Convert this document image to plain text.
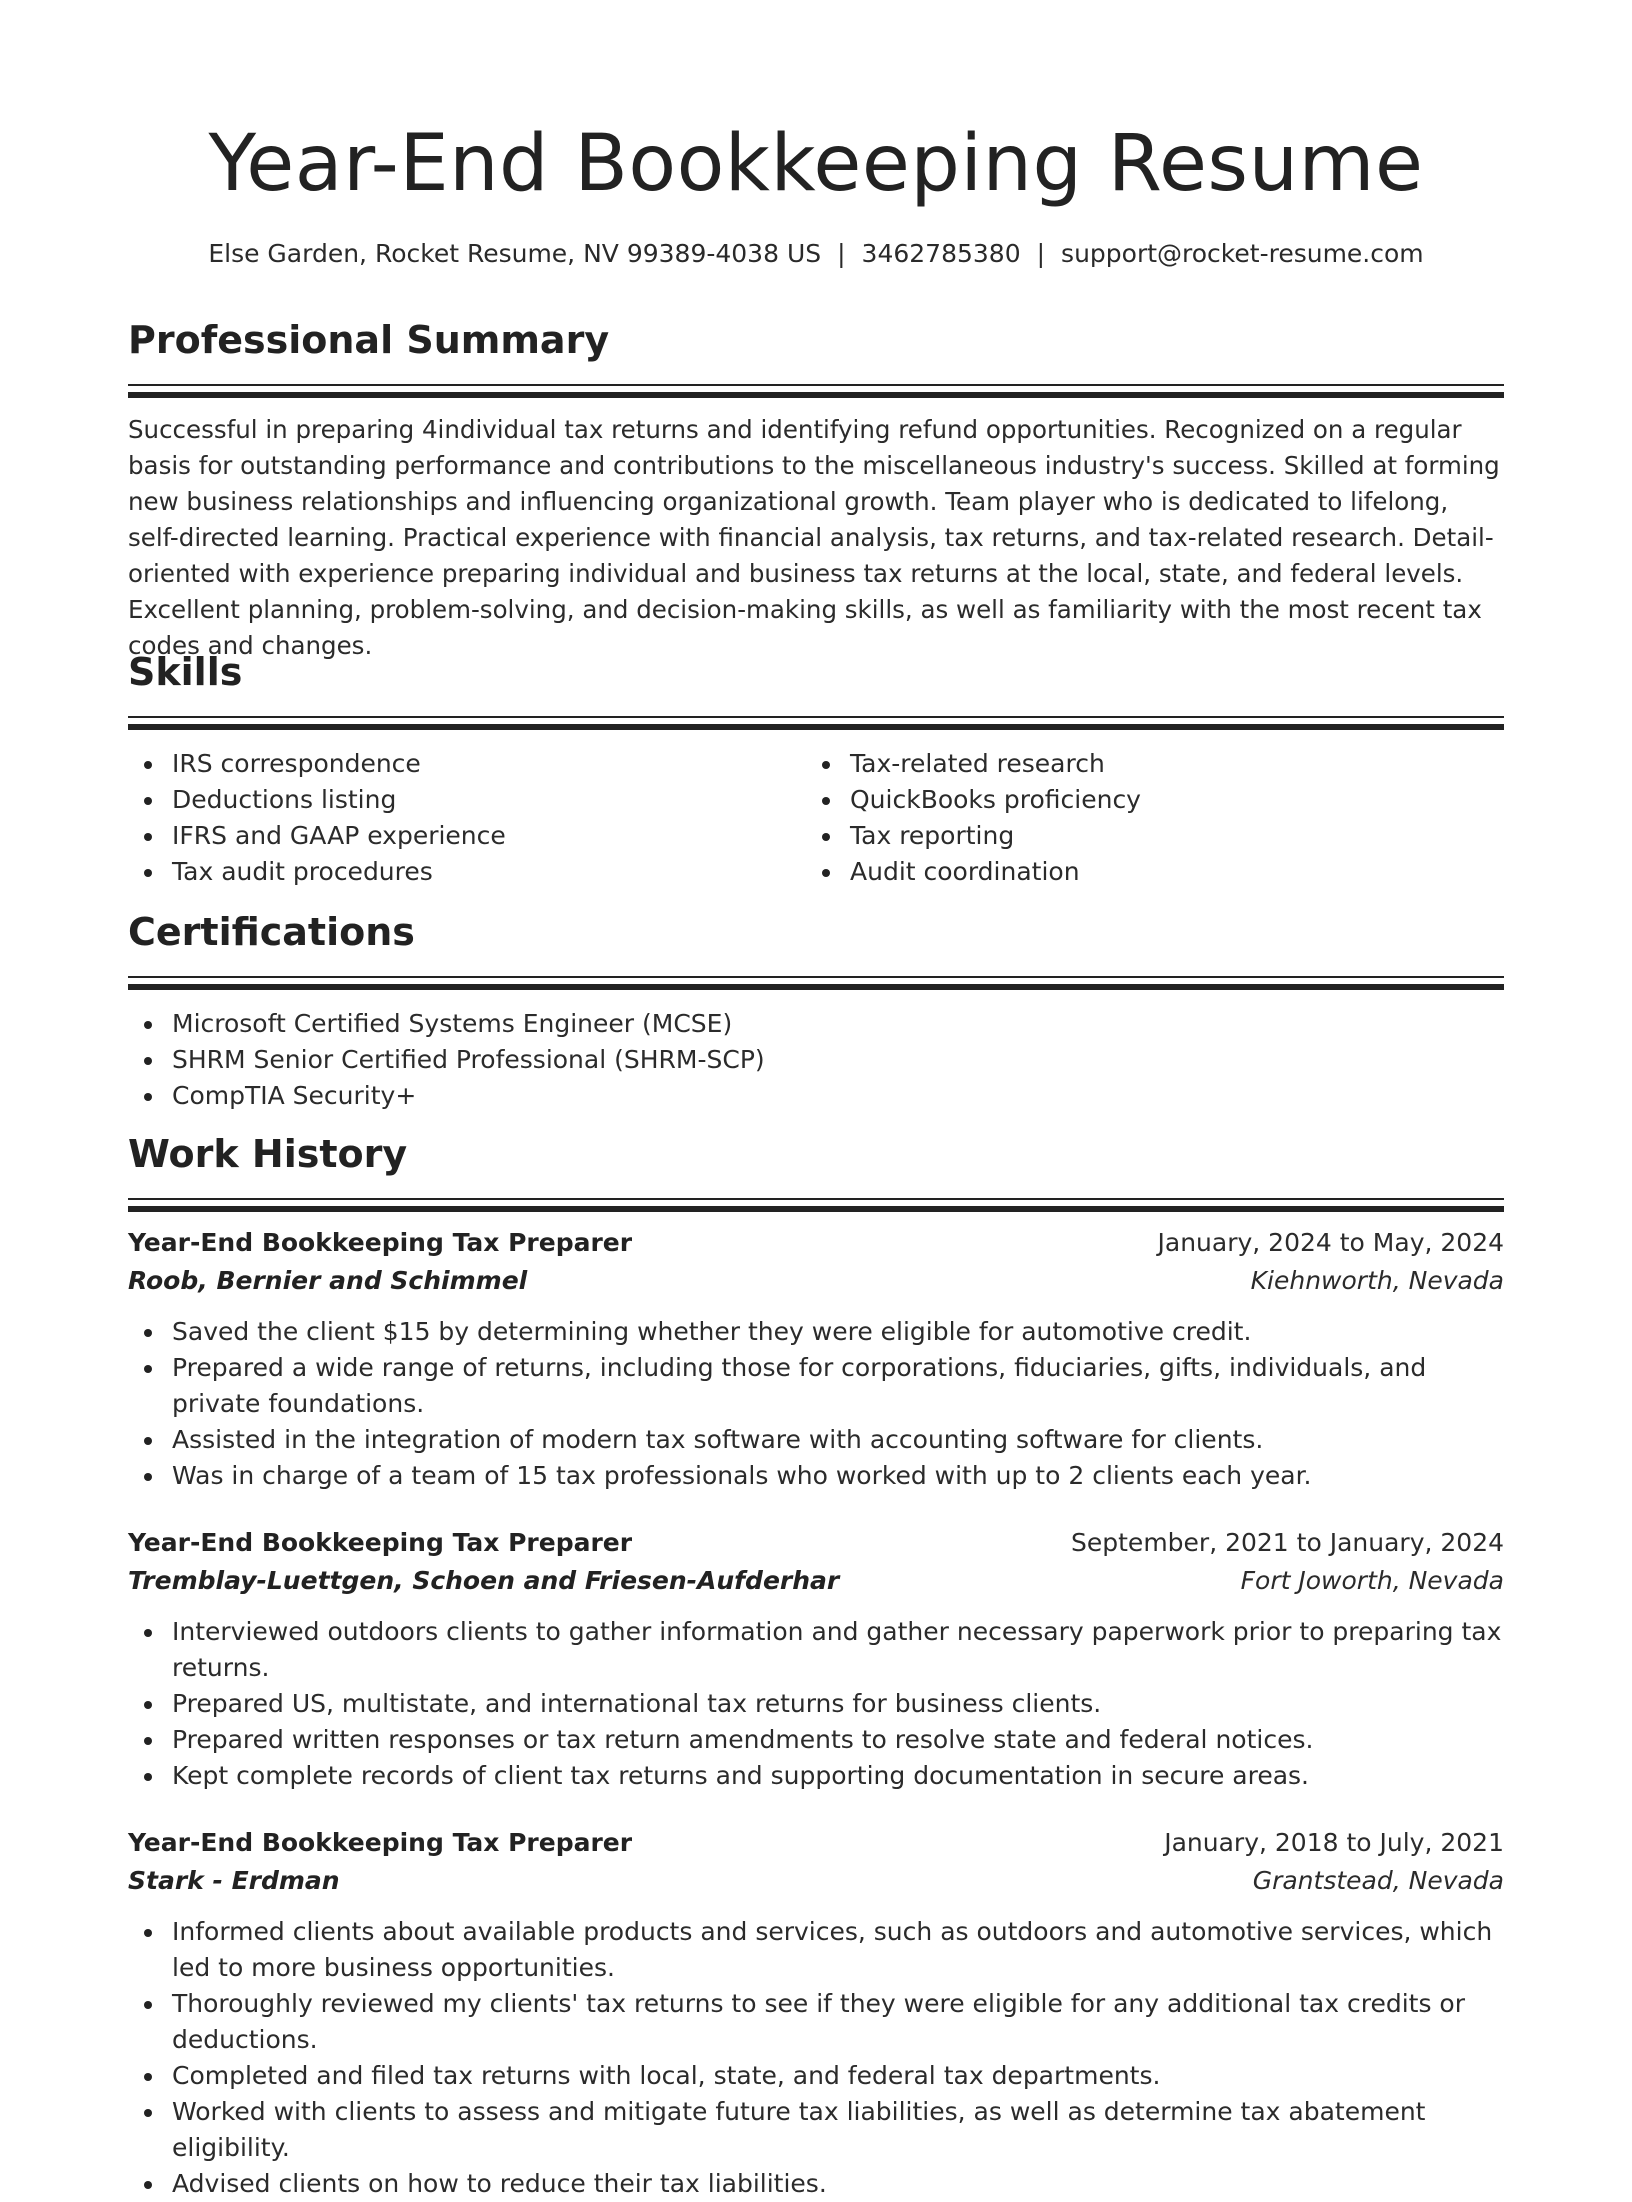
Year-End Bookkeeping Resume
Else Garden, Rocket Resume, NV 99389-4038 US | 3462785380 | support@rocket-resume.com
Professional Summary

Successful in preparing 4individual tax returns and identifying refund opportunities. Recognized on a regular basis for outstanding performance and contributions to the miscellaneous industry's success. Skilled at forming new business relationships and influencing organizational growth. Team player who is dedicated to lifelong, self-directed learning. Practical experience with financial analysis, tax returns, and tax-related research. Detail-oriented with experience preparing individual and business tax returns at the local, state, and federal levels. Excellent planning, problem-solving, and decision-making skills, as well as familiarity with the most recent tax codes and changes.

Skills
IRS correspondence
Deductions listing
IFRS and GAAP experience
Tax audit procedures
Tax-related research
QuickBooks proficiency
Tax reporting
Audit coordination
Certifications
Microsoft Certified Systems Engineer (MCSE)
SHRM Senior Certified Professional (SHRM-SCP)
CompTIA Security+
Work History
Year-End Bookkeeping Tax Preparer	January, 2024 to May, 2024
Roob, Bernier and Schimmel	Kiehnworth, Nevada
Saved the client $15 by determining whether they were eligible for automotive credit.
Prepared a wide range of returns, including those for corporations, fiduciaries, gifts, individuals, and private foundations.
Assisted in the integration of modern tax software with accounting software for clients.
Was in charge of a team of 15 tax professionals who worked with up to 2 clients each year.
Year-End Bookkeeping Tax Preparer	September, 2021 to January, 2024
Tremblay-Luettgen, Schoen and Friesen-Aufderhar	Fort Joworth, Nevada
Interviewed outdoors clients to gather information and gather necessary paperwork prior to preparing tax returns.
Prepared US, multistate, and international tax returns for business clients.
Prepared written responses or tax return amendments to resolve state and federal notices.
Kept complete records of client tax returns and supporting documentation in secure areas.
Year-End Bookkeeping Tax Preparer	January, 2018 to July, 2021
Stark - Erdman	Grantstead, Nevada
Informed clients about available products and services, such as outdoors and automotive services, which led to more business opportunities.
Thoroughly reviewed my clients' tax returns to see if they were eligible for any additional tax credits or deductions.
Completed and filed tax returns with local, state, and federal tax departments.
Worked with clients to assess and mitigate future tax liabilities, as well as determine tax abatement eligibility.
Advised clients on how to reduce their tax liabilities.
